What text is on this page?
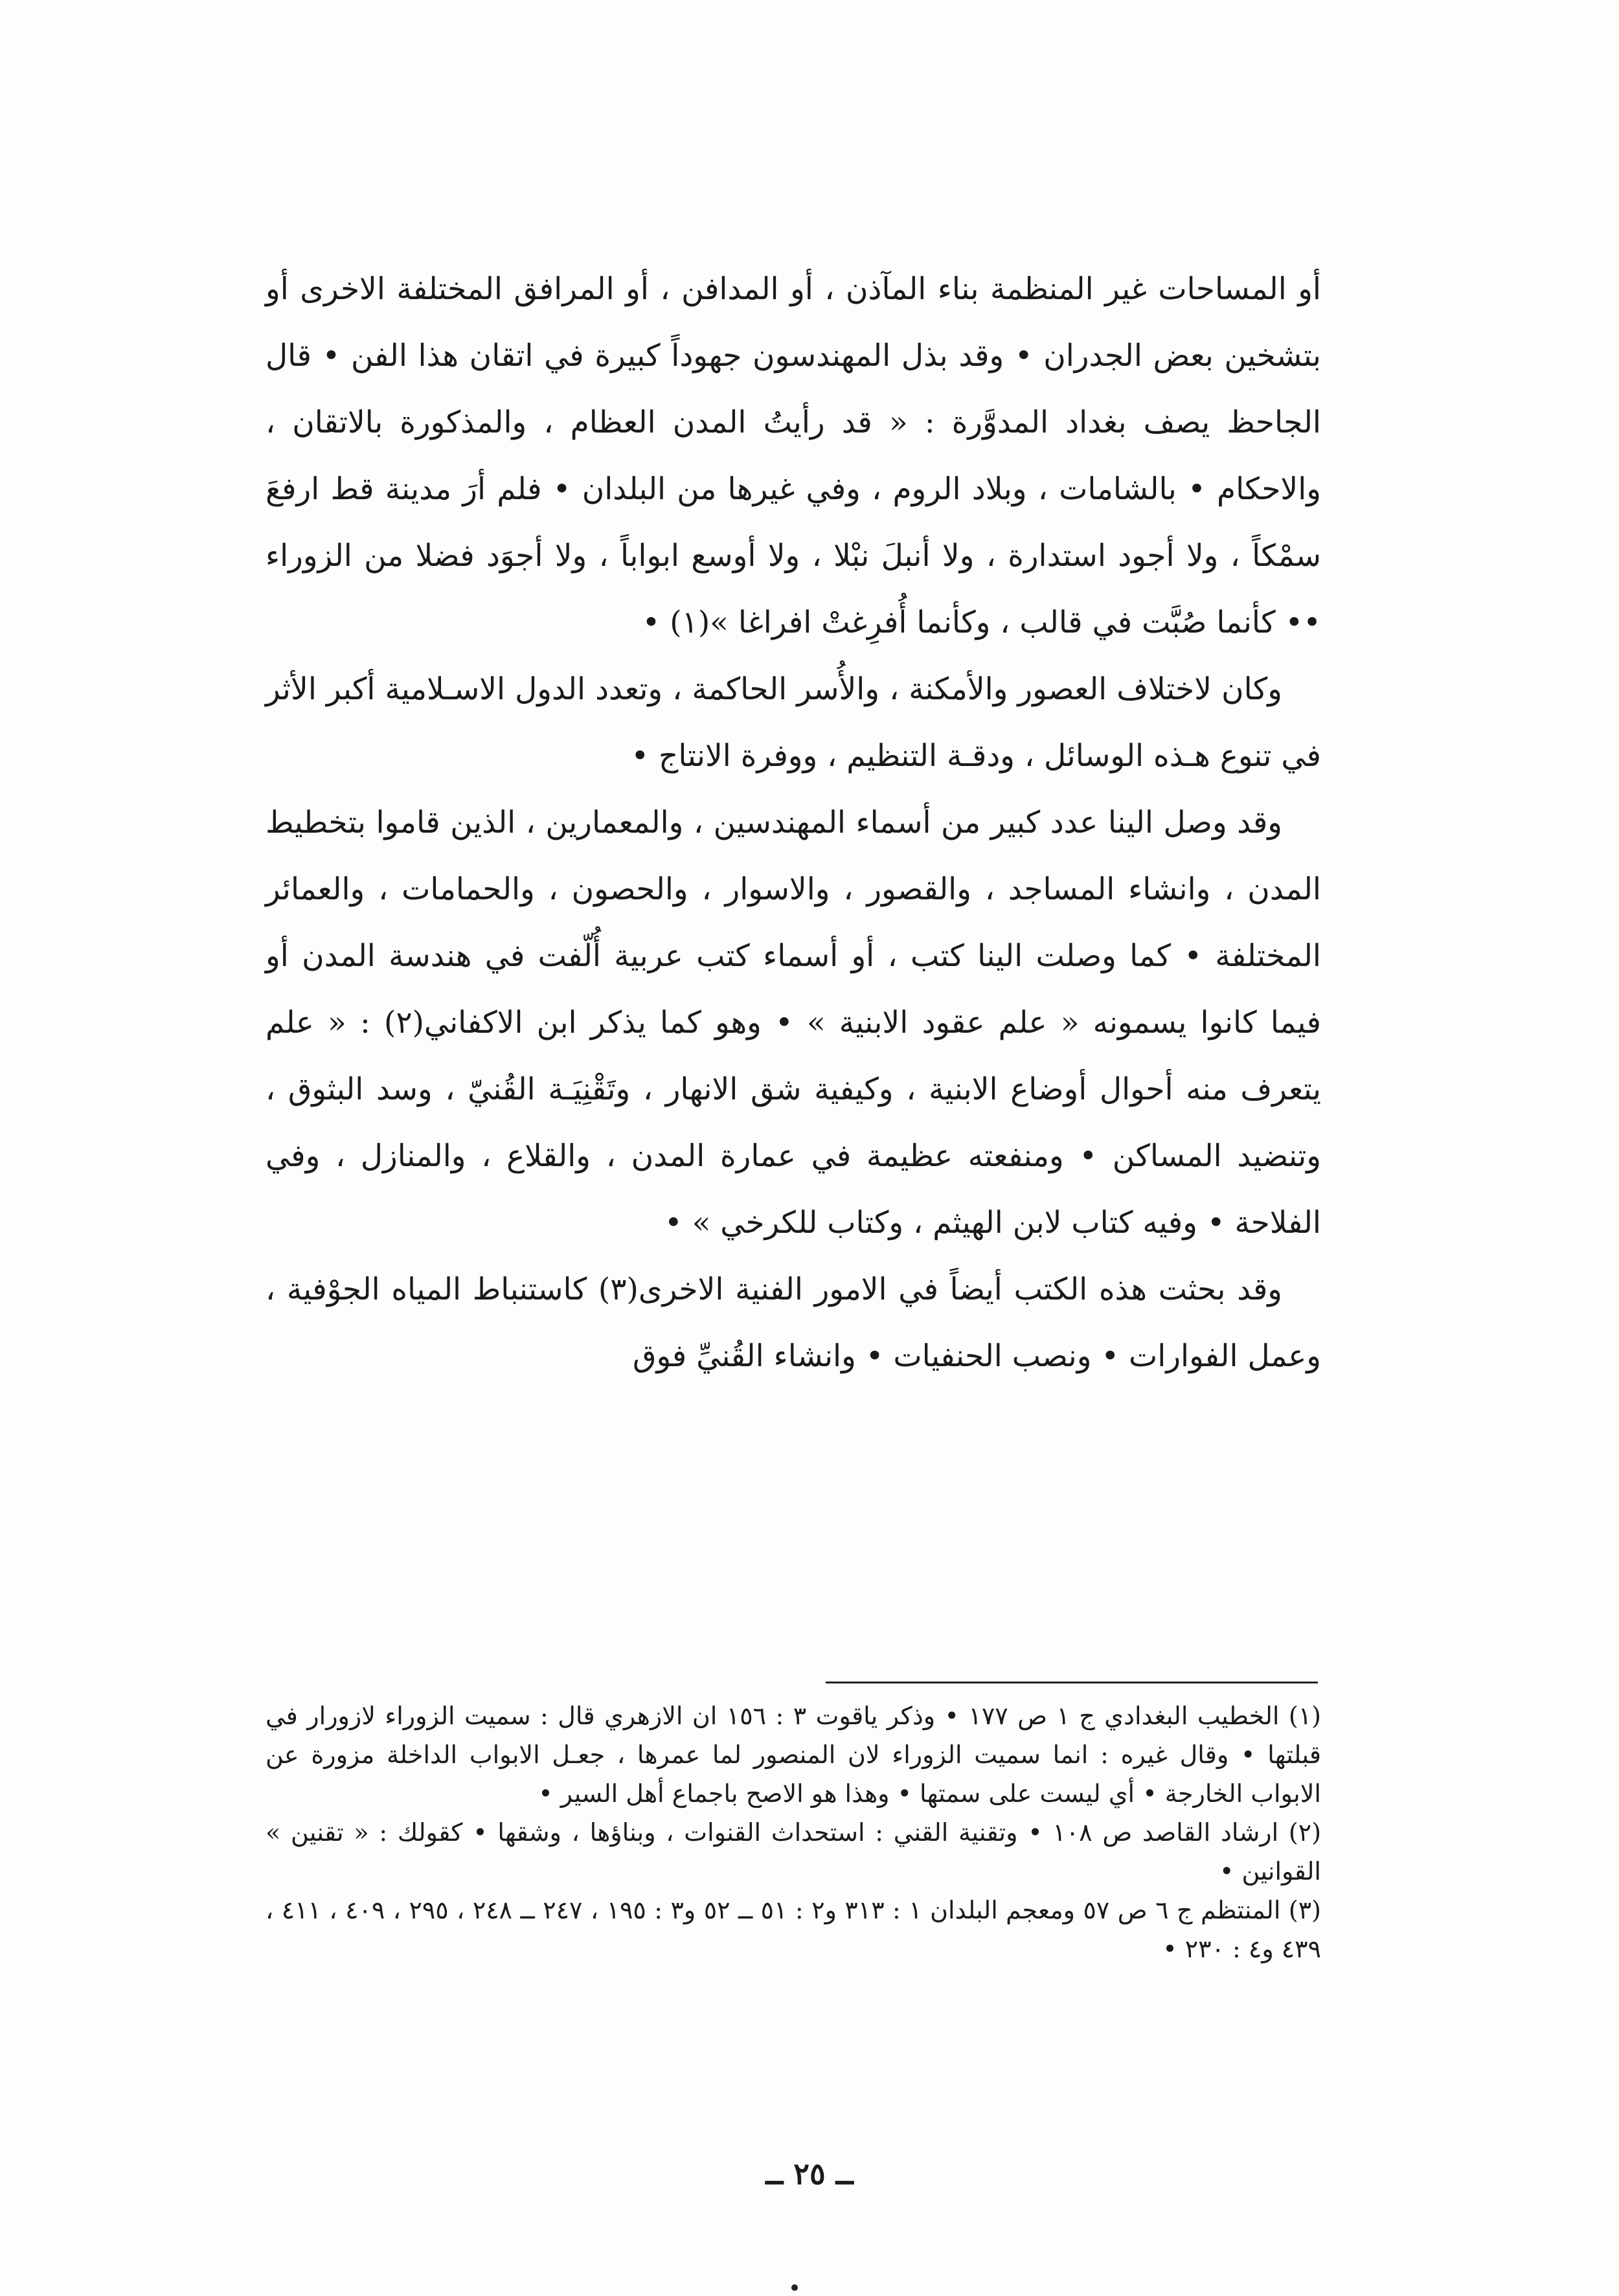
أو المساحات غير المنظمة بناء المآذن ، أو المدافن ، أو المرافق المختلفة الاخرى أو بتشخين بعض الجدران • وقد بذل المهندسون جهوداً كبيرة في اتقان هذا الفن • قال الجاحظ يصف بغداد المدوَّرة : « قد رأيتُ المدن العظام ، والمذكورة بالاتقان ، والاحكام • بالشامات ، وبلاد الروم ، وفي غيرها من البلدان • فلم أرَ مدينة قط ارفعَ سمْكاً ، ولا أجود استدارة ، ولا أنبلَ نبْلا ، ولا أوسع ابواباً ، ولا أجوَد فضلا من الزوراء •• كأنما صُبَّت في قالب ، وكأنما أُفرِغتْ افراغا »(١) •

وكان لاختلاف العصور والأمكنة ، والأُسر الحاكمة ، وتعدد الدول الاسـلامية أكبر الأثر في تنوع هـذه الوسائل ، ودقـة التنظيم ، ووفرة الانتاج •

وقد وصل الينا عدد كبير من أسماء المهندسين ، والمعمارين ، الذين قاموا بتخطيط المدن ، وانشاء المساجد ، والقصور ، والاسوار ، والحصون ، والحمامات ، والعمائر المختلفة • كما وصلت الينا كتب ، أو أسماء كتب عربية أُلّفت في هندسة المدن أو فيما كانوا يسمونه « علم عقود الابنية » • وهو كما يذكر ابن الاكفاني(٢) : « علم يتعرف منه أحوال أوضاع الابنية ، وكيفية شق الانهار ، وتَقْنِيَـة القُنيّ ، وسد البثوق ، وتنضيد المساكن • ومنفعته عظيمة في عمارة المدن ، والقلاع ، والمنازل ، وفي الفلاحة • وفيه كتاب لابن الهيثم ، وكتاب للكرخي » •

وقد بحثت هذه الكتب أيضاً في الامور الفنية الاخرى(٣) كاستنباط المياه الجوْفية ، وعمل الفوارات • ونصب الحنفيات • وانشاء القُنيِّ فوق

(١) الخطيب البغدادي ج ١ ص ١٧٧ • وذكر ياقوت ٣ : ١٥٦ ان الازهري قال : سميت الزوراء لازورار في قبلتها • وقال غيره : انما سميت الزوراء لان المنصور لما عمرها ، جعـل الابواب الداخلة مزورة عن الابواب الخارجة • أي ليست على سمتها • وهذا هو الاصح باجماع أهل السير •

(٢) ارشاد القاصد ص ١٠٨ • وتقنية القني : استحداث القنوات ، وبناؤها ، وشقها • كقولك : « تقنين » القوانين •

(٣) المنتظم ج ٦ ص ٥٧ ومعجم البلدان ١ : ٣١٣ و٢ : ٥١ ــ ٥٢ و٣ : ١٩٥ ، ٢٤٧ ــ ٢٤٨ ، ٢٩٥ ، ٤٠٩ ، ٤١١ ، ٤٣٩ و٤ : ٢٣٠ •

ــ ٢٥ ــ
